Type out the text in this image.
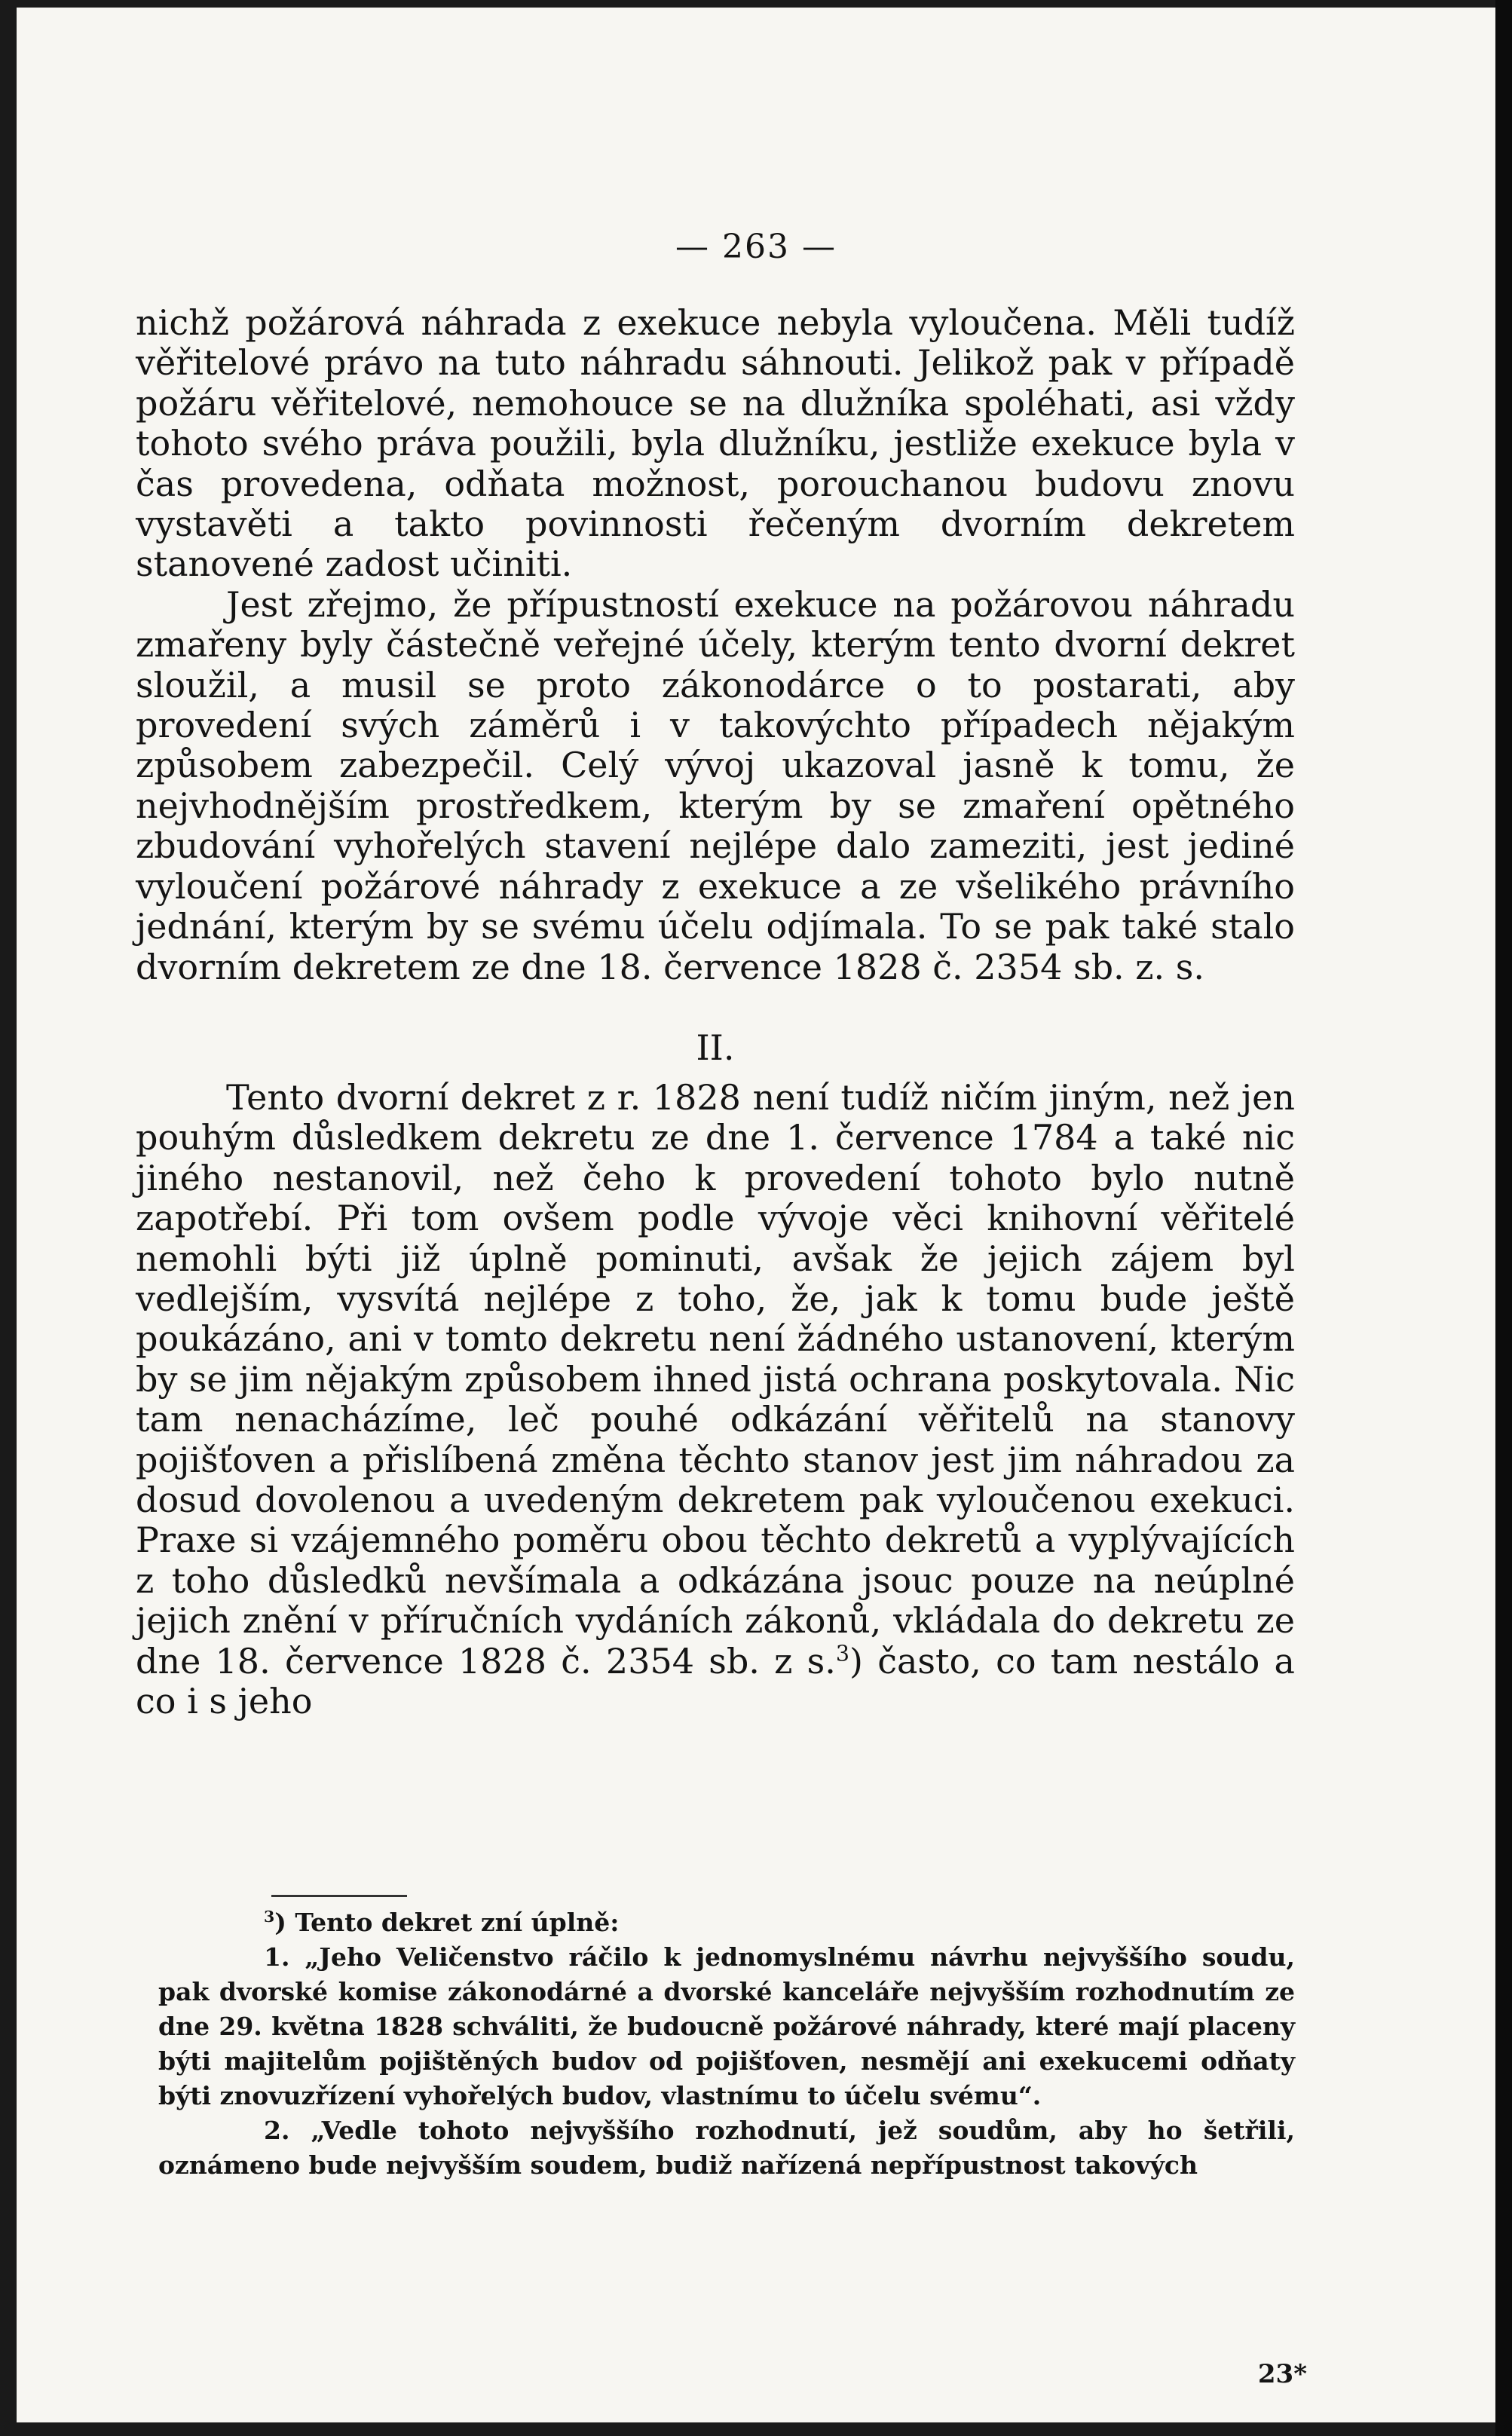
— 263 —

nichž požárová náhrada z exekuce nebyla vyloučena. Měli tudíž věřitelové právo na tuto náhradu sáhnouti. Jelikož pak v případě požáru věřitelové, nemohouce se na dlužníka spoléhati, asi vždy tohoto svého práva použili, byla dlužníku, jestliže exekuce byla v čas provedena, odňata možnost, porouchanou budovu znovu vystavěti a takto povinnosti řečeným dvorním dekretem stanovené zadost učiniti.

Jest zřejmo, že přípustností exekuce na požárovou náhradu zmařeny byly částečně veřejné účely, kterým tento dvorní dekret sloužil, a musil se proto zákonodárce o to postarati, aby provedení svých záměrů i v takovýchto případech nějakým způsobem zabezpečil. Celý vývoj ukazoval jasně k tomu, že nejvhodnějším prostředkem, kterým by se zmaření opětného zbudování vyhořelých stavení nejlépe dalo zameziti, jest jediné vyloučení požárové náhrady z exekuce a ze všelikého právního jednání, kterým by se svému účelu odjímala. To se pak také stalo dvorním dekretem ze dne 18. července 1828 č. 2354 sb. z. s.

II.

Tento dvorní dekret z r. 1828 není tudíž ničím jiným, než jen pouhým důsledkem dekretu ze dne 1. července 1784 a také nic jiného nestanovil, než čeho k provedení tohoto bylo nutně zapotřebí. Při tom ovšem podle vývoje věci knihovní věřitelé nemohli býti již úplně pominuti, avšak že jejich zájem byl vedlejším, vysvítá nejlépe z toho, že, jak k tomu bude ještě poukázáno, ani v tomto dekretu není žádného ustanovení, kterým by se jim nějakým způsobem ihned jistá ochrana poskytovala. Nic tam nenacházíme, leč pouhé odkázání věřitelů na stanovy pojišťoven a přislíbená změna těchto stanov jest jim náhradou za dosud dovolenou a uvedeným dekretem pak vyloučenou exekuci. Praxe si vzájemného poměru obou těchto dekretů a vyplývajících z toho důsledků nevšímala a odkázána jsouc pouze na neúplné jejich znění v příručních vydáních zákonů, vkládala do dekretu ze dne 18. července 1828 č. 2354 sb. z s.$^3$) často, co tam nestálo a co i s jeho

$^3$) Tento dekret zní úplně:

1. „Jeho Veličenstvo ráčilo k jednomyslnému návrhu nejvyššího soudu, pak dvorské komise zákonodárné a dvorské kanceláře nejvyšším rozhodnutím ze dne 29. května 1828 schváliti, že budoucně požárové náhrady, které mají placeny býti majitelům pojištěných budov od pojišťoven, nesmějí ani exekucemi odňaty býti znovuzřízení vyhořelých budov, vlastnímu to účelu svému“.

2. „Vedle tohoto nejvyššího rozhodnutí, jež soudům, aby ho šetřili, oznámeno bude nejvyšším soudem, budiž nařízená nepřípustnost takových

23*
